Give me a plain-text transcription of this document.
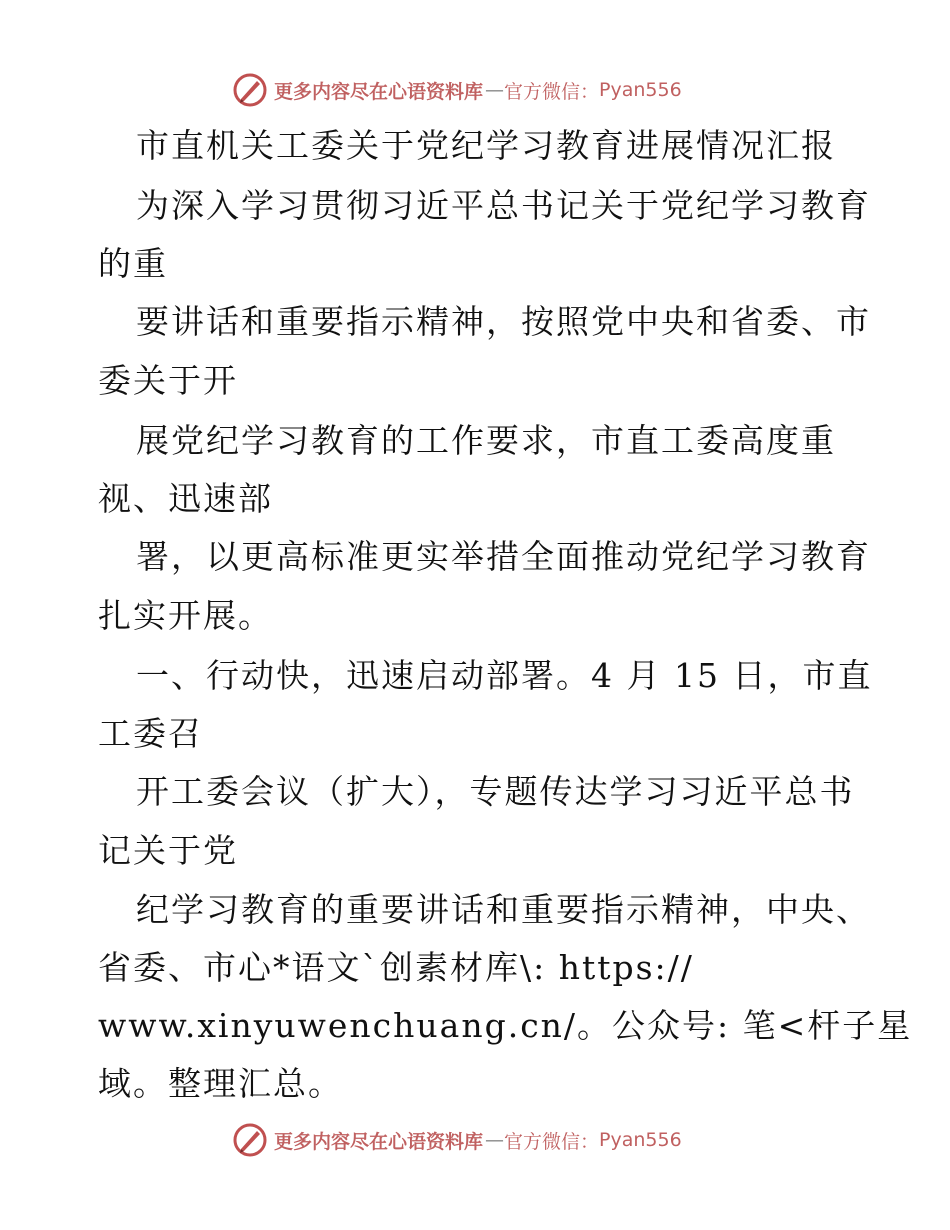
更多内容尽在心语资料库 — 官方微信： Pyan556
市直机关工委关于党纪学习教育进展情况汇报
为深入学习贯彻习近平总书记关于党纪学习教育
的重
要讲话和重要指示精神，按照党中央和省委、市
委关于开
展党纪学习教育的工作要求，市直工委高度重
视、迅速部
署，以更高标准更实举措全面推动党纪学习教育
扎实开展。
一、行动快，迅速启动部署。4 月 15 日，市直
工委召
开工委会议（扩大），专题传达学习习近平总书
记关于党
纪学习教育的重要讲话和重要指示精神，中央、
省委、市心*语文`创素材库\: https://
www.xinyuwenchuang.cn/。公众号: 笔<杆子星
域。整理汇总。
更多内容尽在心语资料库 — 官方微信： Pyan556
